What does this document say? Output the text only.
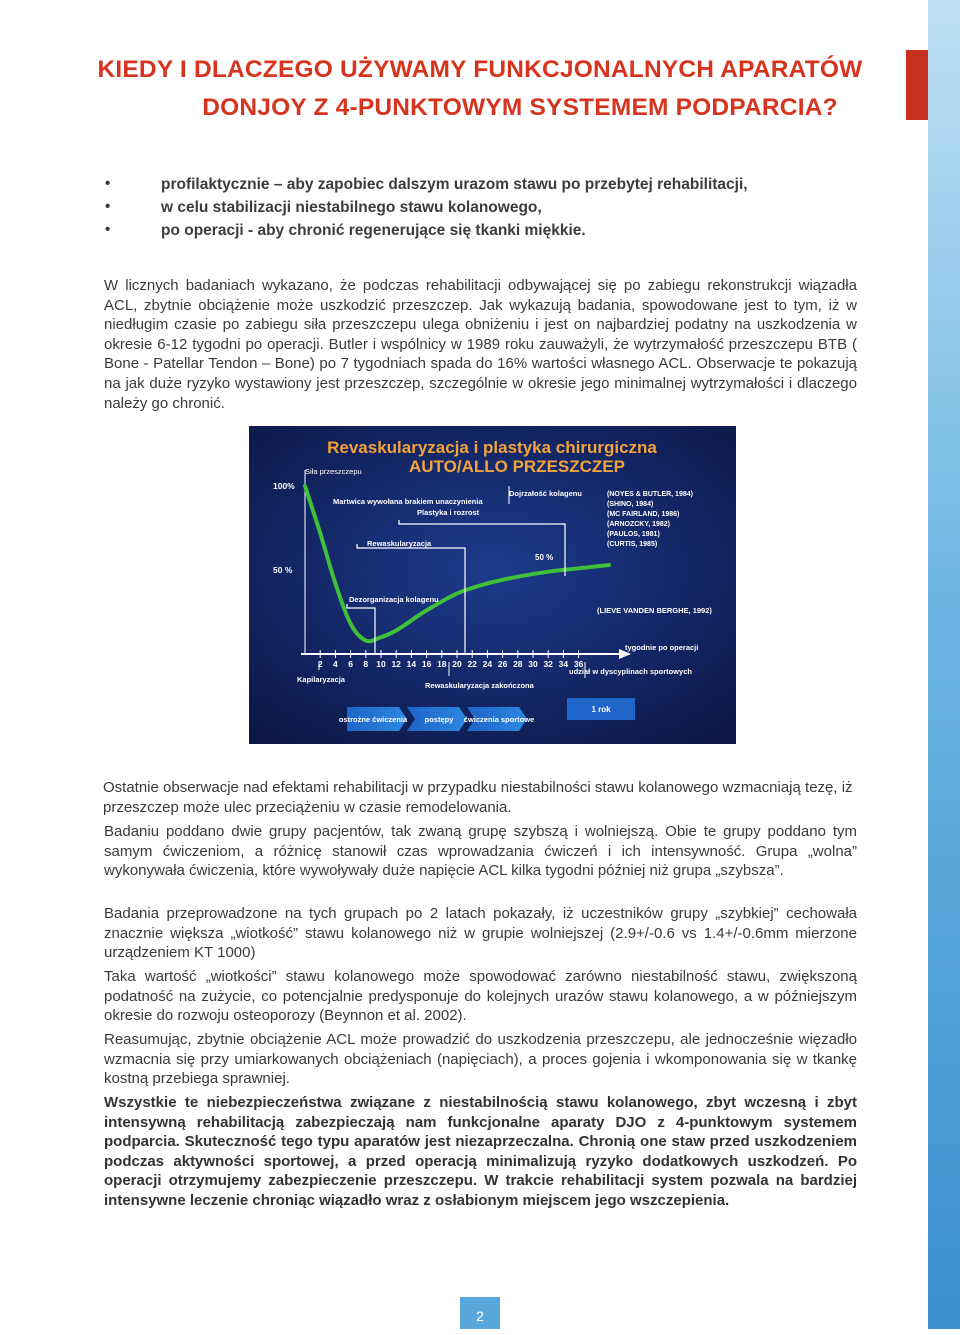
KIEDY I DLACZEGO UŻYWAMY FUNKCJONALNYCH APARATÓW
DONJOY Z 4-PUNKTOWYM SYSTEMEM PODPARCIA?
•	profilaktycznie – aby zapobiec dalszym urazom stawu po przebytej rehabilitacji,
•	w celu stabilizacji niestabilnego stawu kolanowego,
•	po operacji - aby chronić regenerujące się tkanki miękkie.

W licznych badaniach wykazano, że podczas rehabilitacji odbywającej się po zabiegu rekonstrukcji wiązadła ACL, zbytnie obciążenie może uszkodzić przeszczep. Jak wykazują badania, spowodowane jest to tym, iż w niedługim czasie po zabiegu siła przeszczepu ulega obniżeniu i jest on najbardziej podatny na uszkodzenia w okresie 6-12 tygodni po operacji. Butler i wspólnicy w 1989 roku zauważyli, że wytrzymałość przeszczepu BTB ( Bone - Patellar Tendon – Bone) po 7 tygodniach spada do 16% wartości własnego ACL. Obserwacje te pokazują na jak duże ryzyko wystawiony jest przeszczep, szczególnie w okresie jego minimalnej wytrzymałości i dlaczego należy go chronić.

Revaskularyzacja i plastyka chirurgiczna
AUTO/ALLO PRZESZCZEP
Siła przeszczepu
2 4 6 8 10 12 14 16 18 20 22 24 26 28 30 32 34 36
100%
50 %
Martwica wywołana brakiem unaczynienia
Rewaskularyzacja
Plastyka i rozrost
Dojrzałość kolagenu
Dezorganizacja kolagenu
50 %
(NOYES & BUTLER, 1984)
(SHINO, 1984)
(MC FAIRLAND, 1986)
(ARNOZCKY, 1982)
(PAULOS, 1981)
(CURTIS, 1985)
(LIEVE VANDEN BERGHE, 1992)
tygodnie po operacji
Kapilaryzacja
Rewaskularyzacja zakończona
udział w dyscyplinach sportowych
ostrożne ćwiczenia postępy ćwiczenia sportowe
1 rok

Ostatnie obserwacje nad efektami rehabilitacji w przypadku niestabilności stawu kolanowego wzmacniają tezę, iż przeszczep może ulec przeciążeniu w czasie remodelowania.

Badaniu poddano dwie grupy pacjentów, tak zwaną grupę szybszą i wolniejszą. Obie te grupy poddano tym samym ćwiczeniom, a różnicę stanowił czas wprowadzania ćwiczeń i ich intensywność. Grupa „wolna” wykonywała ćwiczenia, które wywoływały duże napięcie ACL kilka tygodni później niż grupa „szybsza”.

Badania przeprowadzone na tych grupach po 2 latach pokazały, iż uczestników grupy „szybkiej” cechowała znacznie większa „wiotkość” stawu kolanowego niż w grupie wolniejszej (2.9+/-0.6 vs 1.4+/-0.6mm mierzone urządzeniem KT 1000)

Taka wartość „wiotkości” stawu kolanowego może spowodować zarówno niestabilność stawu, zwiększoną podatność na zużycie, co potencjalnie predysponuje do kolejnych urazów stawu kolanowego, a w późniejszym okresie do rozwoju osteoporozy (Beynnon et al. 2002).

Reasumując, zbytnie obciążenie ACL może prowadzić do uszkodzenia przeszczepu, ale jednocześnie więzadło wzmacnia się przy umiarkowanych obciążeniach (napięciach), a proces gojenia i wkomponowania się w tkankę kostną przebiega sprawniej.

Wszystkie te niebezpieczeństwa związane z niestabilnością stawu kolanowego, zbyt wczesną i zbyt intensywną rehabilitacją zabezpieczają nam funkcjonalne aparaty DJO z 4-punktowym systemem podparcia. Skuteczność tego typu aparatów jest niezaprzeczalna. Chronią one staw przed uszkodzeniem podczas aktywności sportowej, a przed operacją minimalizują ryzyko dodatkowych uszkodzeń. Po operacji otrzymujemy zabezpieczenie przeszczepu. W trakcie rehabilitacji system pozwala na bardziej intensywne leczenie chroniąc wiązadło wraz z osłabionym miejscem jego wszczepienia.

2
